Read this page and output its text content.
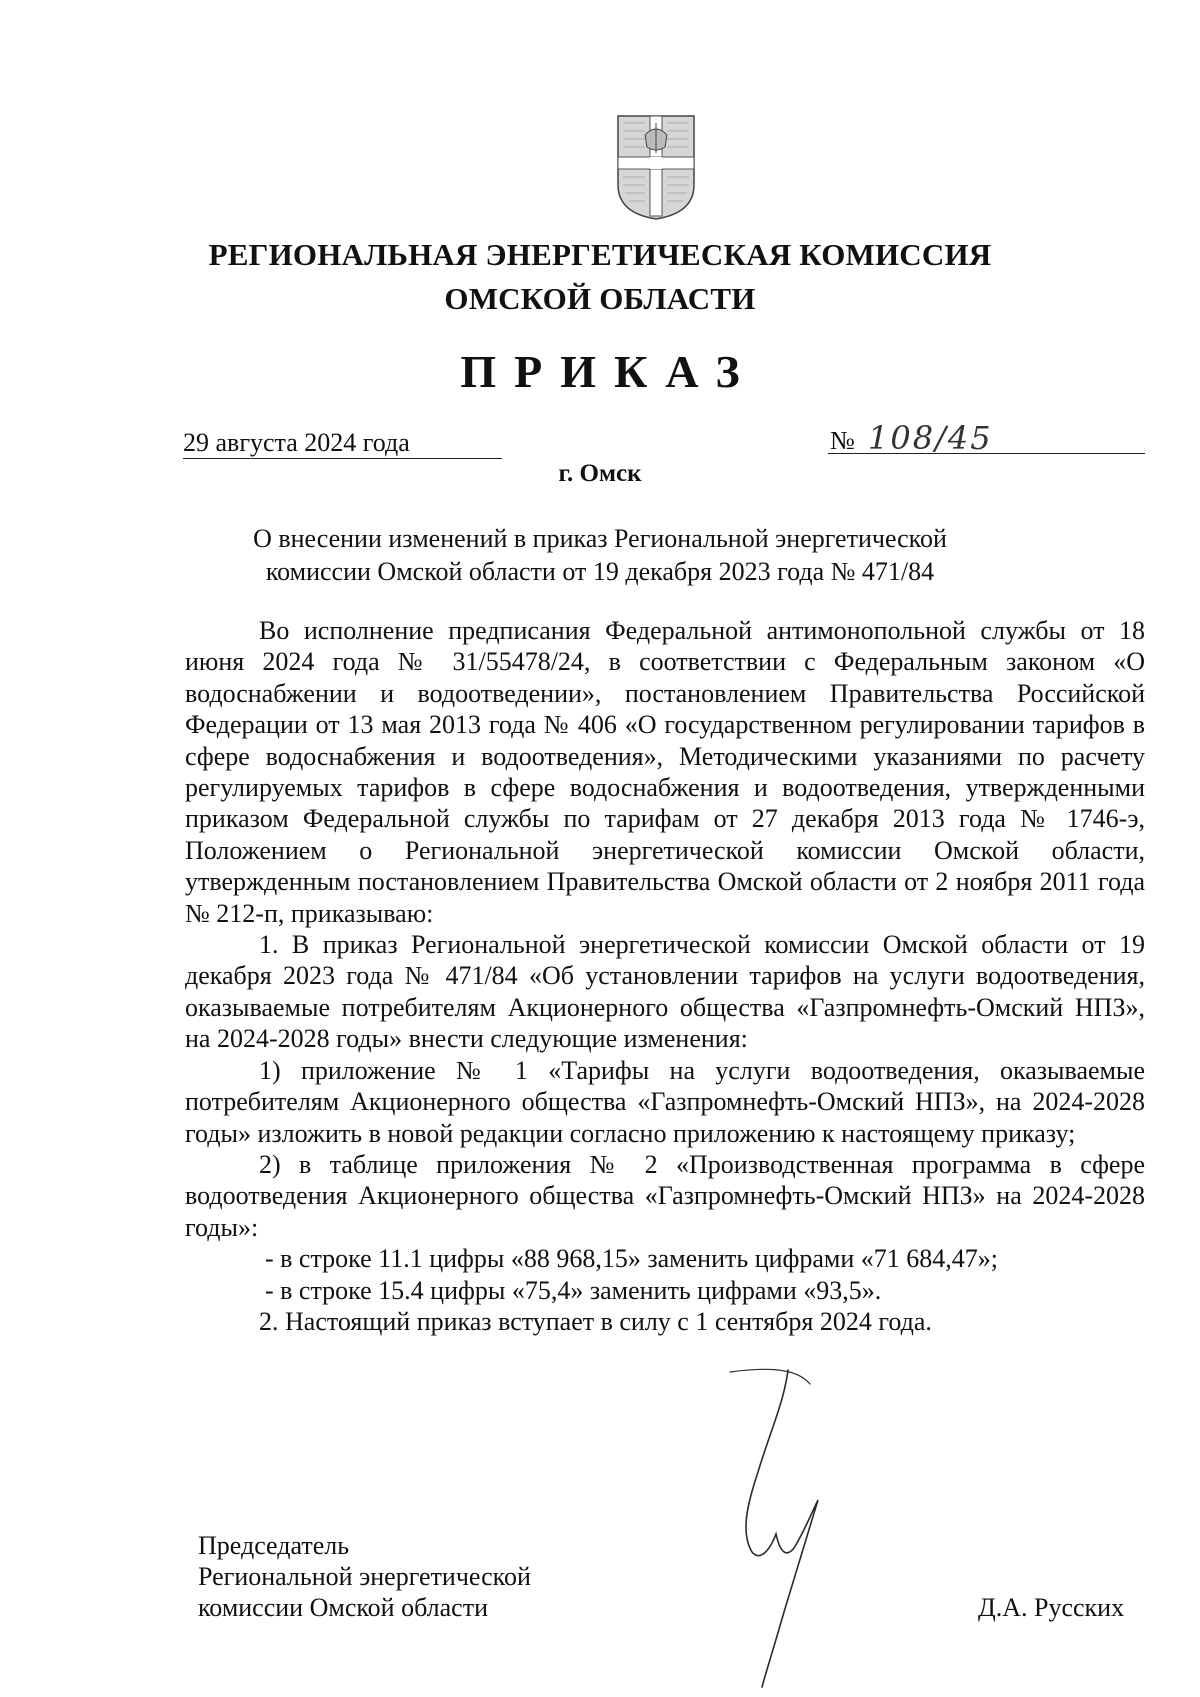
РЕГИОНАЛЬНАЯ ЭНЕРГЕТИЧЕСКАЯ КОМИССИЯ
ОМСКОЙ ОБЛАСТИ
ПРИКАЗ
29 августа 2024 года	№ 108/45
г. Омск
О внесении изменений в приказ Региональной энергетической
комиссии Омской области от 19 декабря 2023 года № 471/84

Во исполнение предписания Федеральной антимонопольной службы от 18 июня 2024 года № 31/55478/24, в соответствии с Федеральным законом «О водоснабжении и водоотведении», постановлением Правительства Российской Федерации от 13 мая 2013 года № 406 «О государственном регулировании тарифов в сфере водоснабжения и водоотведения», Методическими указаниями по расчету регулируемых тарифов в сфере водоснабжения и водоотведения, утвержденными приказом Федеральной службы по тарифам от 27 декабря 2013 года № 1746-э, Положением о Региональной энергетической комиссии Омской области, утвержденным постановлением Правительства Омской области от 2 ноября 2011 года № 212-п, приказываю:

1. В приказ Региональной энергетической комиссии Омской области от 19 декабря 2023 года № 471/84 «Об установлении тарифов на услуги водоотведения, оказываемые потребителям Акционерного общества «Газпромнефть-Омский НПЗ», на 2024-2028 годы» внести следующие изменения:

1) приложение № 1 «Тарифы на услуги водоотведения, оказываемые потребителям Акционерного общества «Газпромнефть-Омский НПЗ», на 2024-2028 годы» изложить в новой редакции согласно приложению к настоящему приказу;

2) в таблице приложения № 2 «Производственная программа в сфере водоотведения Акционерного общества «Газпромнефть-Омский НПЗ» на 2024-2028 годы»:

- в строке 11.1 цифры «88 968,15» заменить цифрами «71 684,47»;

- в строке 15.4 цифры «75,4» заменить цифрами «93,5».

2. Настоящий приказ вступает в силу с 1 сентября 2024 года.

Председатель
Региональной энергетической
комиссии Омской области	Д.А. Русских
